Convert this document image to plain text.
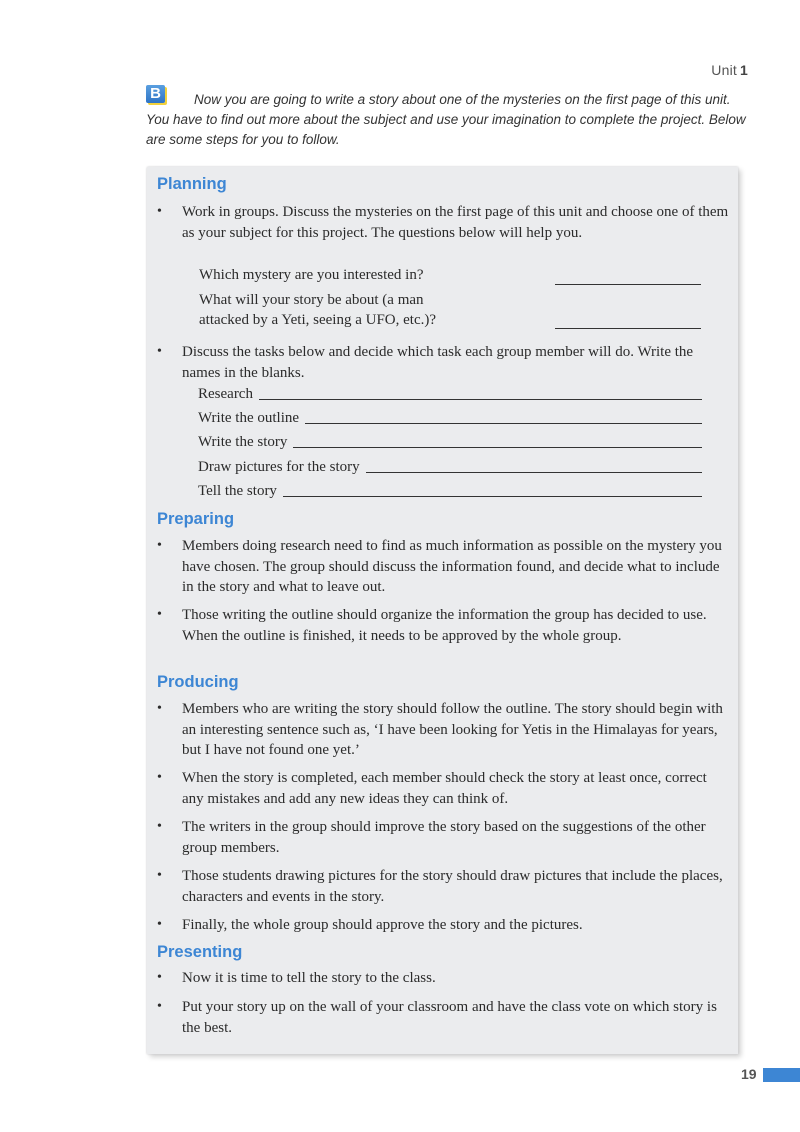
Unit 1
B	Now you are going to write a story about one of the mysteries on the first page of this unit. You have to find out more about the subject and use your imagination to complete the project. Below are some steps for you to follow.
Planning
• Work in groups. Discuss the mysteries on the first page of this unit and choose one of them as your subject for this project. The questions below will help you.
Which mystery are you interested in?
What will your story be about (a man
attacked by a Yeti, seeing a UFO, etc.)?
• Discuss the tasks below and decide which task each group member will do. Write the names in the blanks.
Research
Write the outline
Write the story
Draw pictures for the story
Tell the story
Preparing
• Members doing research need to find as much information as possible on the mystery you have chosen. The group should discuss the information found, and decide what to include in the story and what to leave out.
• Those writing the outline should organize the information the group has decided to use. When the outline is finished, it needs to be approved by the whole group.
Producing
• Members who are writing the story should follow the outline. The story should begin with an interesting sentence such as, ‘I have been looking for Yetis in the Himalayas for years, but I have not found one yet.’
• When the story is completed, each member should check the story at least once, correct any mistakes and add any new ideas they can think of.
• The writers in the group should improve the story based on the suggestions of the other group members.
• Those students drawing pictures for the story should draw pictures that include the places, characters and events in the story.
• Finally, the whole group should approve the story and the pictures.
Presenting
• Now it is time to tell the story to the class.
• Put your story up on the wall of your classroom and have the class vote on which story is the best.
19
